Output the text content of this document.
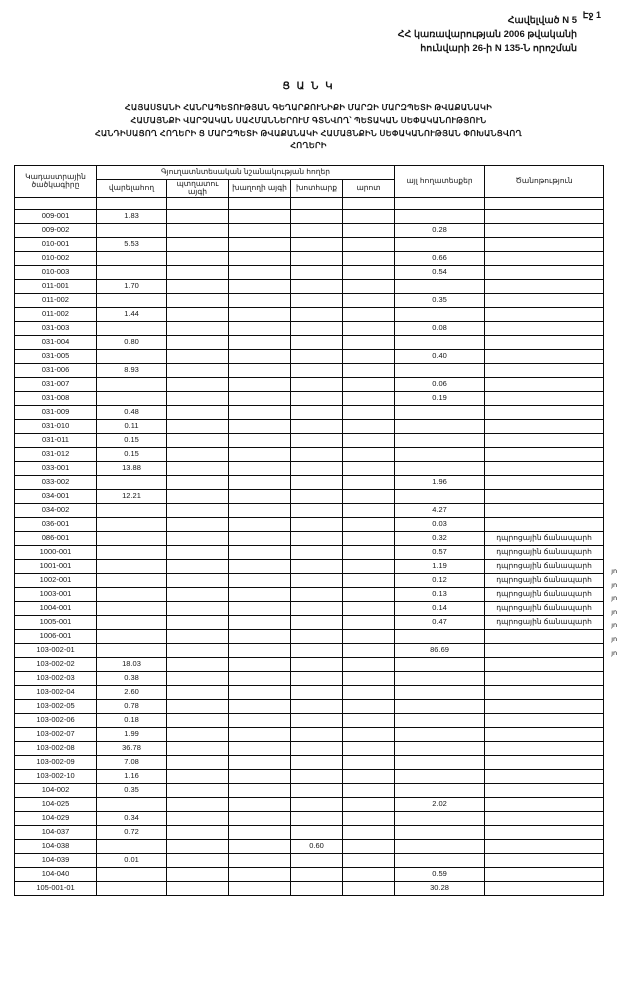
Էջ 1
Հավելված N 5
ՀՀ կառավարության 2006 թվականի
հունվարի 26-ի N 135-Ն որոշման
Ց Ա Ն Կ
ՀԱՅԱՍՏԱՆԻ ՀԱՆՐԱՊԵՏՈՒԹՅԱՆ ԳԵՂԱՐՔՈՒՆԻՔԻ ՄԱՐԶԻ ՄԱՐԶՊԵՏԻ ԹՎԱՔԱՆԱԿԻ
ՀԱՄԱՅՆՔԻ ՎԱՐՉԱԿԱՆ ՍԱՀՄԱՆՆԵՐՈՒՄ ԳՏՆՎՈՂ՝ ՊԵՏԱԿԱՆ ՍԵՓԱԿԱՆՈՒԹՅՈՒՆ
ՀԱՆԴԻՍԱՑՈՂ ՀՈՂԵՐԻ Ց ՄԱՐԶՊԵՏԻ ԹՎԱՔԱՆԱԿԻ ՀԱՄԱՅՆՔԻՆ ՍԵՓԱԿԱՆՈՒԹՅԱՆ ՓՈԽԱՆՑՎՈՂ
ՀՈՂԵՐԻ
Կադաստրային ծածկագիրը	Գյուղատնտեսական նշանակության հողեր					այլ հողատեսքեր	Ծանոթություն
	վարելահող	պտղատու այգի	խաղողի այգի	խոտհարք	արոտ		

009-001	1.83						
009-002						0.28	
010-001	5.53						
010-002						0.66	
010-003						0.54	
011-001	1.70						
011-002						0.35	
011-002	1.44						
031-003						0.08	
031-004	0.80						
031-005						0.40	
031-006	8.93						
031-007						0.06	
031-008						0.19	
031-009	0.48						
031-010	0.11						
031-011	0.15						
031-012	0.15						
033-001	13.88						
033-002						1.96	
034-001	12.21						
034-002						4.27	
036-001						0.03	
086-001						0.32	դպրոցային ճանապարհ
1000-001						0.57	դպրոցային ճանապարհ
1001-001						1.19	դպրոցային ճանապարհ
1002-001						0.12	դպրոցային ճանապարհ
1003-001						0.13	դպրոցային ճանապարհ
1004-001						0.14	դպրոցային ճանապարհ
1005-001						0.47	դպրոցային ճանապարհ
1006-001							
103-002-01						86.69	
103-002-02	18.03						
103-002-03	0.38						
103-002-04	2.60						
103-002-05	0.78						
103-002-06	0.18						
103-002-07	1.99						
103-002-08	36.78						
103-002-09	7.08						
103-002-10	1.16						
104-002	0.35						
104-025						2.02	
104-029	0.34						
104-037	0.72						
104-038				0.60			
104-039	0.01						
104-040						0.59	
105-001-01						30.28	
յո
յո
յո
յո
յո
յո
յո
